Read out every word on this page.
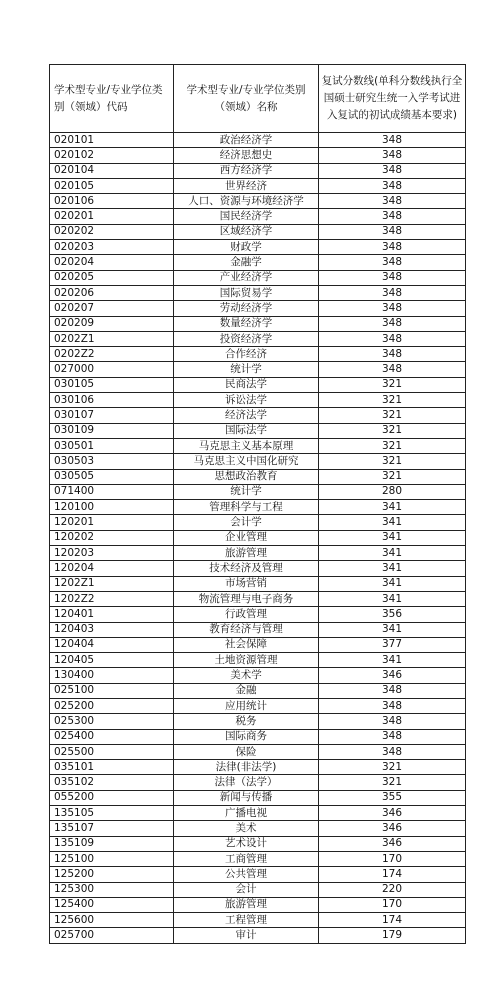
学术型专业/专业学位类别（领域）代码	学术型专业/专业学位类别（领域）名称	复试分数线(单科分数线执行全国硕士研究生统一入学考试进入复试的初试成绩基本要求)
020101	政治经济学	348
020102	经济思想史	348
020104	西方经济学	348
020105	世界经济	348
020106	人口、资源与环境经济学	348
020201	国民经济学	348
020202	区域经济学	348
020203	财政学	348
020204	金融学	348
020205	产业经济学	348
020206	国际贸易学	348
020207	劳动经济学	348
020209	数量经济学	348
0202Z1	投资经济学	348
0202Z2	合作经济	348
027000	统计学	348
030105	民商法学	321
030106	诉讼法学	321
030107	经济法学	321
030109	国际法学	321
030501	马克思主义基本原理	321
030503	马克思主义中国化研究	321
030505	思想政治教育	321
071400	统计学	280
120100	管理科学与工程	341
120201	会计学	341
120202	企业管理	341
120203	旅游管理	341
120204	技术经济及管理	341
1202Z1	市场营销	341
1202Z2	物流管理与电子商务	341
120401	行政管理	356
120403	教育经济与管理	341
120404	社会保障	377
120405	土地资源管理	341
130400	美术学	346
025100	金融	348
025200	应用统计	348
025300	税务	348
025400	国际商务	348
025500	保险	348
035101	法律(非法学)	321
035102	法律（法学）	321
055200	新闻与传播	355
135105	广播电视	346
135107	美术	346
135109	艺术设计	346
125100	工商管理	170
125200	公共管理	174
125300	会计	220
125400	旅游管理	170
125600	工程管理	174
025700	审计	179
